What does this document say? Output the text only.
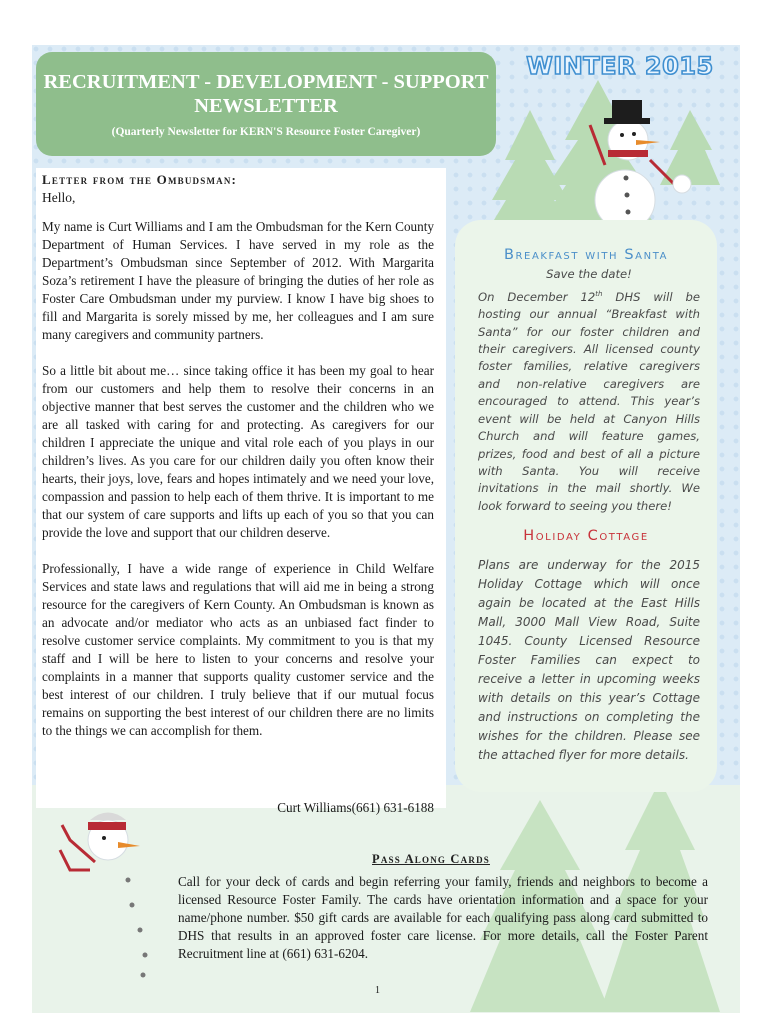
RECRUITMENT - DEVELOPMENT - SUPPORT
NEWSLETTER
(Quarterly Newsletter for KERN'S Resource Foster Caregiver)
WINTER 2015
Letter from the Ombudsman:
Hello,

My name is Curt Williams and I am the Ombudsman for the Kern County Department of Human Services. I have served in my role as the Department’s Ombudsman since September of 2012. With Margarita Soza’s retirement I have the pleasure of bringing the duties of her role as Foster Care Ombudsman under my purview. I know I have big shoes to fill and Margarita is sorely missed by me, her colleagues and I am sure many caregivers and community partners.

So a little bit about me… since taking office it has been my goal to hear from our customers and help them to resolve their concerns in an objective manner that best serves the customer and the children who we are all tasked with caring for and protecting. As caregivers for our children I appreciate the unique and vital role each of you plays in our children’s lives. As you care for our children daily you often know their hearts, their joys, love, fears and hopes intimately and we need your love, compassion and passion to help each of them thrive. It is important to me that our system of care supports and lifts up each of you so that you can provide the love and support that our children deserve.

Professionally, I have a wide range of experience in Child Welfare Services and state laws and regulations that will aid me in being a strong resource for the caregivers of Kern County. An Ombudsman is known as an advocate and/or mediator who acts as an unbiased fact finder to resolve customer service complaints. My commitment to you is that my staff and I will be here to listen to your concerns and resolve your complaints in a manner that supports quality customer service and the best interest of our children. I truly believe that if our mutual focus remains on supporting the best interest of our children there are no limits to the things we can accomplish for them.

Curt Williams(661) 631-6188
Breakfast with Santa
Save the date!
On December 12th DHS will be hosting our annual “Breakfast with Santa” for our foster children and their caregivers. All licensed county foster families, relative caregivers and non-relative caregivers are encouraged to attend. This year’s event will be held at Canyon Hills Church and will feature games, prizes, food and best of all a picture with Santa. You will receive invitations in the mail shortly. We look forward to seeing you there!
Holiday Cottage
Plans are underway for the 2015 Holiday Cottage which will once again be located at the East Hills Mall, 3000 Mall View Road, Suite 1045. County Licensed Resource Foster Families can expect to receive a letter in upcoming weeks with details on this year’s Cottage and instructions on completing the wishes for the children. Please see the attached flyer for more details.
Pass Along Cards
Call for your deck of cards and begin referring your family, friends and neighbors to become a licensed Resource Foster Family. The cards have orientation information and a space for your name/phone number. $50 gift cards are available for each qualifying pass along card submitted to DHS that results in an approved foster care license. For more details, call the Foster Parent Recruitment line at (661) 631-6204.
1
